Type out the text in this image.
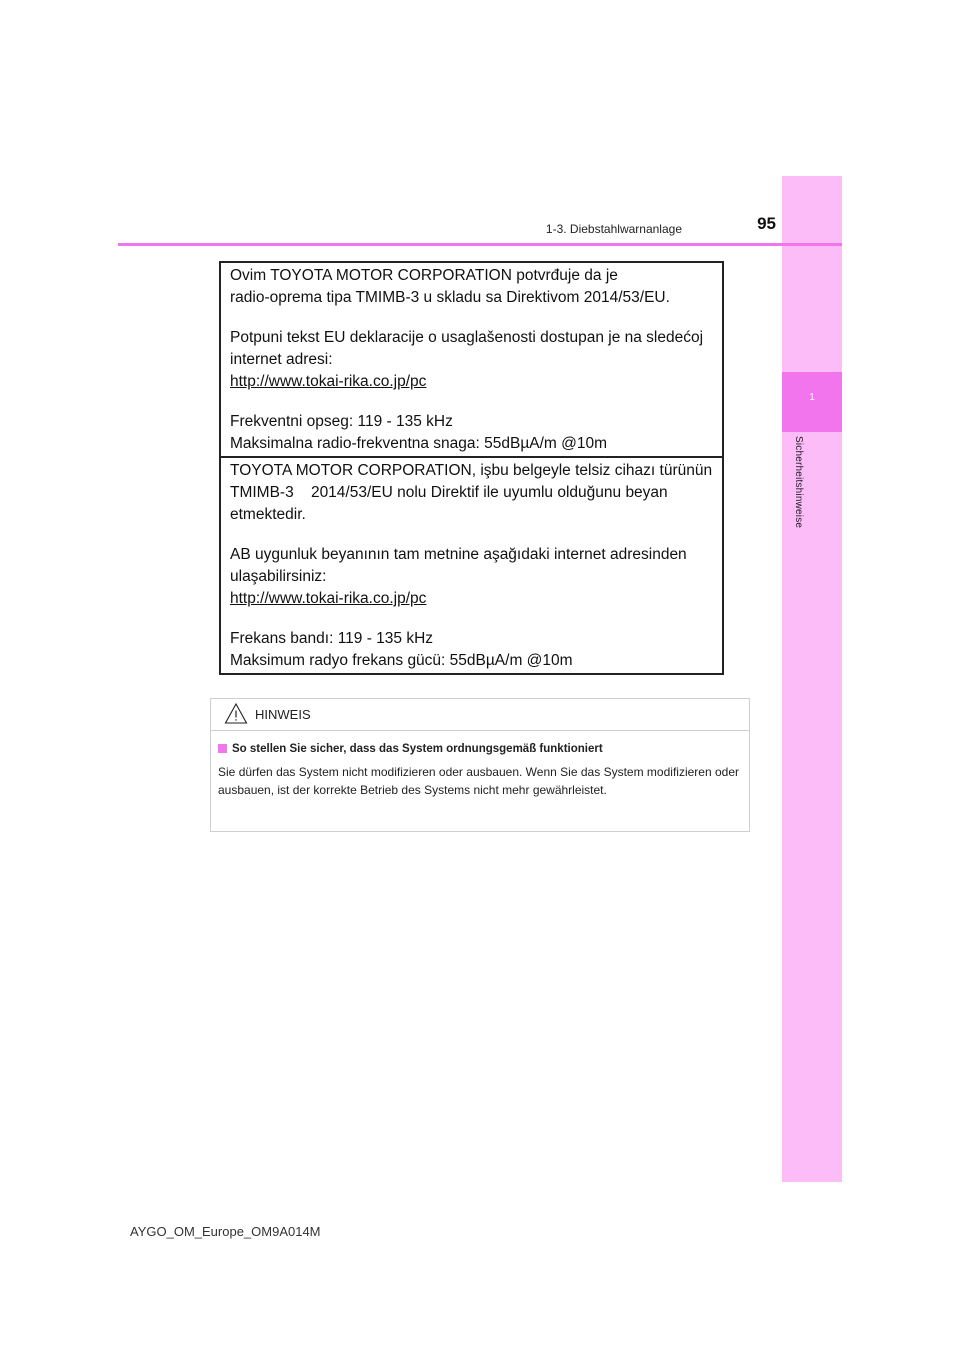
1
Sicherheitshinweise
1-3. Diebstahlwarnanlage	95

Ovim TOYOTA MOTOR CORPORATION potvrđuje da je

radio-oprema tipa TMIMB-3 u skladu sa Direktivom 2014/53/EU.

Potpuni tekst EU deklaracije o usaglašenosti dostupan je na sledećoj

internet adresi:

http://www.tokai-rika.co.jp/pc

Frekventni opseg: 119 - 135 kHz

Maksimalna radio-frekventna snaga: 55dBµA/m @10m

TOYOTA MOTOR CORPORATION, işbu belgeyle telsiz cihazı türünün

TMIMB-3    2014/53/EU nolu Direktif ile uyumlu olduğunu beyan

etmektedir.

AB uygunluk beyanının tam metnine aşağıdaki internet adresinden

ulaşabilirsiniz:

http://www.tokai-rika.co.jp/pc

Frekans bandı: 119 - 135 kHz

Maksimum radyo frekans gücü: 55dBµA/m @10m

HINWEIS
So stellen Sie sicher, dass das System ordnungsgemäß funktioniert
Sie dürfen das System nicht modifizieren oder ausbauen. Wenn Sie das System modifizieren oder ausbauen, ist der korrekte Betrieb des Systems nicht mehr gewährleistet.
AYGO_OM_Europe_OM9A014M
